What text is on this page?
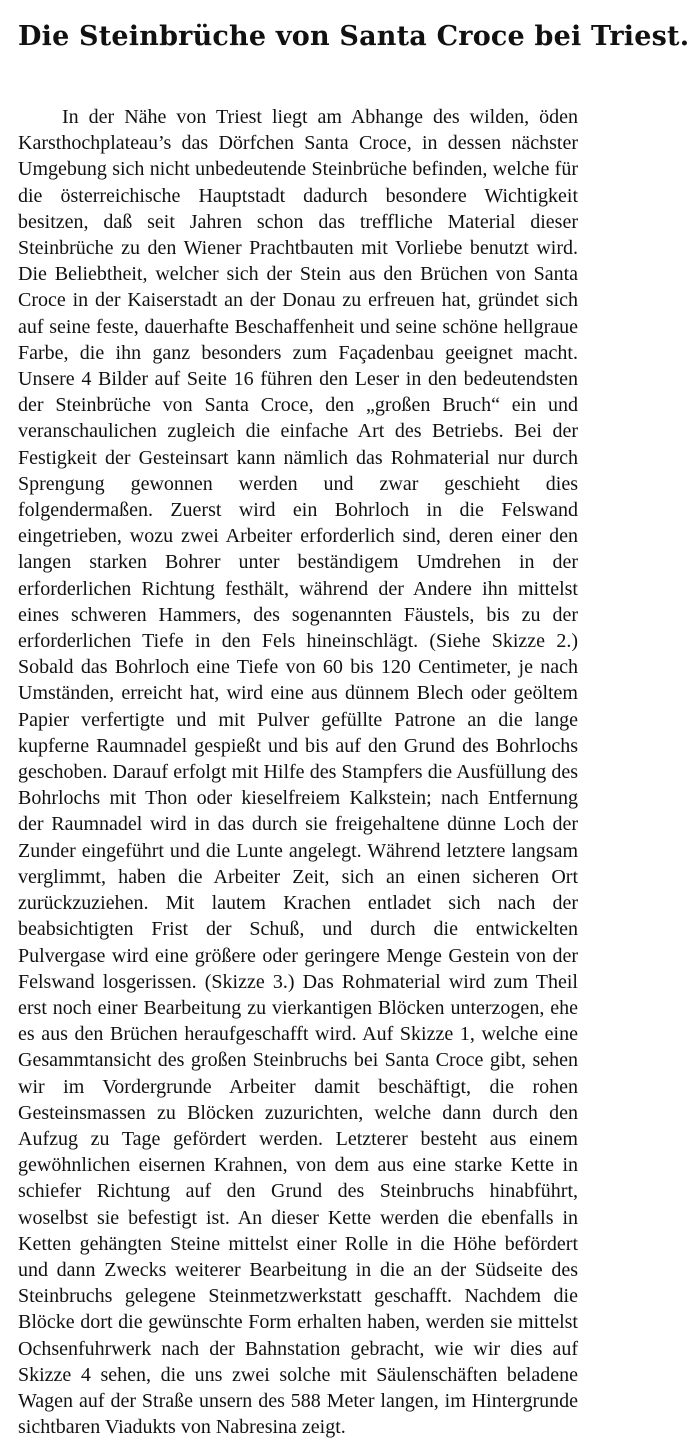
Die Steinbrüche von Santa Croce bei Triest.

In der Nähe von Triest liegt am Abhange des wilden, öden Karsthochplateau’s das Dörfchen Santa Croce, in dessen nächster Umgebung sich nicht unbedeutende Steinbrüche befinden, welche für die österreichische Hauptstadt dadurch besondere Wichtigkeit besitzen, daß seit Jahren schon das treffliche Material dieser Steinbrüche zu den Wiener Prachtbauten mit Vorliebe benutzt wird. Die Beliebtheit, welcher sich der Stein aus den Brüchen von Santa Croce in der Kaiserstadt an der Donau zu erfreuen hat, gründet sich auf seine feste, dauerhafte Beschaffenheit und seine schöne hellgraue Farbe, die ihn ganz besonders zum Façadenbau geeignet macht. Unsere 4 Bilder auf Seite 16 führen den Leser in den bedeutendsten der Steinbrüche von Santa Croce, den „großen Bruch“ ein und veranschaulichen zugleich die einfache Art des Betriebs. Bei der Festigkeit der Gesteinsart kann nämlich das Rohmaterial nur durch Sprengung gewonnen werden und zwar geschieht dies folgendermaßen. Zuerst wird ein Bohrloch in die Felswand eingetrieben, wozu zwei Arbeiter erforderlich sind, deren einer den langen starken Bohrer unter beständigem Umdrehen in der erforderlichen Richtung festhält, während der Andere ihn mittelst eines schweren Hammers, des sogenannten Fäustels, bis zu der erforderlichen Tiefe in den Fels hineinschlägt. (Siehe Skizze 2.) Sobald das Bohrloch eine Tiefe von 60 bis 120 Centimeter, je nach Umständen, erreicht hat, wird eine aus dünnem Blech oder geöltem Papier verfertigte und mit Pulver gefüllte Patrone an die lange kupferne Raumnadel gespießt und bis auf den Grund des Bohrlochs geschoben. Darauf erfolgt mit Hilfe des Stampfers die Ausfüllung des Bohrlochs mit Thon oder kieselfreiem Kalkstein; nach Entfernung der Raumnadel wird in das durch sie freigehaltene dünne Loch der Zunder eingeführt und die Lunte angelegt. Während letztere langsam verglimmt, haben die Arbeiter Zeit, sich an einen sicheren Ort zurückzuziehen. Mit lautem Krachen entladet sich nach der beabsichtigten Frist der Schuß, und durch die entwickelten Pulvergase wird eine größere oder geringere Menge Gestein von der Felswand losgerissen. (Skizze 3.) Das Rohmaterial wird zum Theil erst noch einer Bearbeitung zu vierkantigen Blöcken unterzogen, ehe es aus den Brüchen heraufgeschafft wird. Auf Skizze 1, welche eine Gesammtansicht des großen Steinbruchs bei Santa Croce gibt, sehen wir im Vordergrunde Arbeiter damit beschäftigt, die rohen Gesteinsmassen zu Blöcken zuzurichten, welche dann durch den Aufzug zu Tage gefördert werden. Letzterer besteht aus einem gewöhnlichen eisernen Krahnen, von dem aus eine starke Kette in schiefer Richtung auf den Grund des Steinbruchs hinabführt, woselbst sie befestigt ist. An dieser Kette werden die ebenfalls in Ketten gehängten Steine mittelst einer Rolle in die Höhe befördert und dann Zwecks weiterer Bearbeitung in die an der Südseite des Steinbruchs gelegene Steinmetzwerkstatt geschafft. Nachdem die Blöcke dort die gewünschte Form erhalten haben, werden sie mittelst Ochsenfuhrwerk nach der Bahnstation gebracht, wie wir dies auf Skizze 4 sehen, die uns zwei solche mit Säulenschäften beladene Wagen auf der Straße unsern des 588 Meter langen, im Hintergrunde sichtbaren Viadukts von Nabresina zeigt.
